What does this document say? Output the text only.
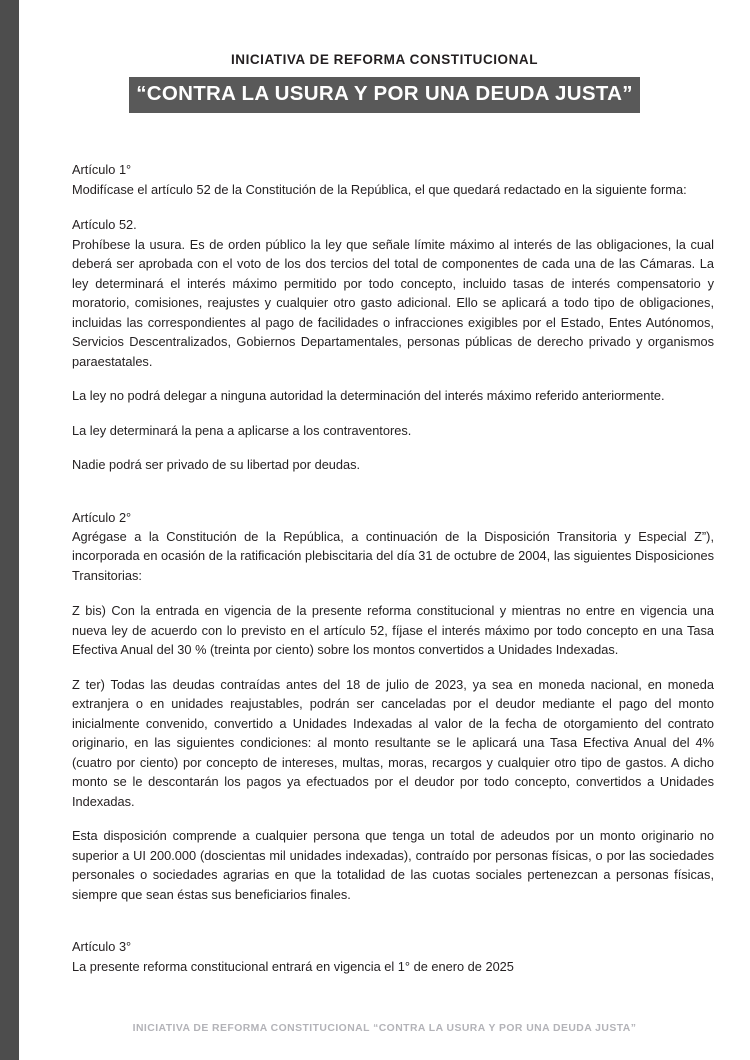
INICIATIVA DE REFORMA CONSTITUCIONAL
“CONTRA LA USURA Y POR UNA DEUDA JUSTA”
Artículo 1°

Modifícase el artículo 52 de la Constitución de la República, el que quedará redactado en la siguiente forma:

Artículo 52.

Prohíbese la usura. Es de orden público la ley que señale límite máximo al interés de las obligaciones, la cual deberá ser aprobada con el voto de los dos tercios del total de componentes de cada una de las Cámaras. La ley determinará el interés máximo permitido por todo concepto, incluido tasas de interés compensatorio y moratorio, comisiones, reajustes y cualquier otro gasto adicional. Ello se aplicará a todo tipo de obligaciones, incluidas las correspondientes al pago de facilidades o infracciones exigibles por el Estado, Entes Autónomos, Servicios Descentralizados, Gobiernos Departamentales, personas públicas de derecho privado y organismos paraestatales.

La ley no podrá delegar a ninguna autoridad la determinación del interés máximo referido anteriormente.

La ley determinará la pena a aplicarse a los contraventores.

Nadie podrá ser privado de su libertad por deudas.

Artículo 2°

Agrégase a la Constitución de la República, a continuación de la Disposición Transitoria y Especial Z”), incorporada en ocasión de la ratificación plebiscitaria del día 31 de octubre de 2004, las siguientes Disposiciones Transitorias:

Z bis) Con la entrada en vigencia de la presente reforma constitucional y mientras no entre en vigencia una nueva ley de acuerdo con lo previsto en el artículo 52, fíjase el interés máximo por todo concepto en una Tasa Efectiva Anual del 30 % (treinta por ciento) sobre los montos convertidos a Unidades Indexadas.

Z ter) Todas las deudas contraídas antes del 18 de julio de 2023, ya sea en moneda nacional, en moneda extranjera o en unidades reajustables, podrán ser canceladas por el deudor mediante el pago del monto inicialmente convenido, convertido a Unidades Indexadas al valor de la fecha de otorgamiento del contrato originario, en las siguientes condiciones: al monto resultante se le aplicará una Tasa Efectiva Anual del 4% (cuatro por ciento) por concepto de intereses, multas, moras, recargos y cualquier otro tipo de gastos. A dicho monto se le descontarán los pagos ya efectuados por el deudor por todo concepto, convertidos a Unidades Indexadas.

Esta disposición comprende a cualquier persona que tenga un total de adeudos por un monto originario no superior a UI 200.000 (doscientas mil unidades indexadas), contraído por personas físicas, o por las sociedades personales o sociedades agrarias en que la totalidad de las cuotas sociales pertenezcan a personas físicas, siempre que sean éstas sus beneficiarios finales.

Artículo 3°

La presente reforma constitucional entrará en vigencia el 1° de enero de 2025

INICIATIVA DE REFORMA CONSTITUCIONAL “CONTRA LA USURA Y POR UNA DEUDA JUSTA”
